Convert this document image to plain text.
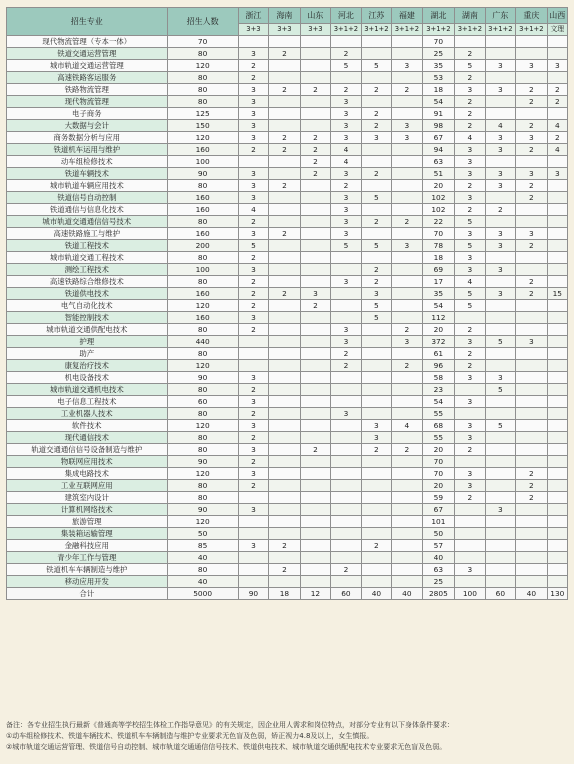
招生专业	招生人数	浙江	海南	山东	河北	江苏	福建	湖北	湖南	广东	重庆	山西
		3+3	3+3	3+3	3+1+2	3+1+2	3+1+2	3+1+2	3+1+2	3+1+2	3+1+2	文理
现代物流管理（专本一体）	70							70				
铁道交通运营管理	80	3	2		2			25	2			
城市轨道交通运营管理	120	2			5	5	3	35	5	3	3	3
高速铁路客运服务	80	2						53	2			
铁路物流管理	80	3	2	2	2	2	2	18	3	3	2	2
现代物流管理	80	3			3			54	2		2	2
电子商务	125	3			3	2		91	2			
大数据与会计	150	3			3	2	3	98	2	4	2	4
商务数据分析与应用	120	3	2	2	3	3	3	67	4	3	3	2
铁道机车运用与维护	160	2	2	2	4			94	3	3	2	4
动车组检修技术	100			2	4			63	3			
铁道车辆技术	90	3		2	3	2		51	3	3	3	3
城市轨道车辆应用技术	80	3	2		2			20	2	3	2	
铁道信号自动控制	160	3			3	5		102	3		2	
铁道通信与信息化技术	160	4			3			102	2	2		
城市轨道交通通信信号技术	80	2			3	2	2	22	5			
高速铁路施工与维护	160	3	2		3			70	3	3	3	
铁道工程技术	200	5			5	5	3	78	5	3	2	
城市轨道交通工程技术	80	2						18	3			
测绘工程技术	100	3				2		69	3	3		
高速铁路综合维修技术	80	2			3	2		17	4		2	
铁道供电技术	160	2	2	3		3		35	5	3	2	15
电气自动化技术	120	2		2		5		54	5			
智能控制技术	160	3				5		112				
城市轨道交通供配电技术	80	2			3		2	20	2			
护理	440				3		3	372	3	5	3	
助产	80				2			61	2			
康复治疗技术	120				2		2	96	2			
机电设备技术	90	3						58	3	3		
城市轨道交通机电技术	80	2						23		5		
电子信息工程技术	60	3						54	3			
工业机器人技术	80	2			3			55				
软件技术	120	3				3	4	68	3	5		
现代通信技术	80	2				3		55	3			
轨道交通通信信号设备制造与维护	80	3		2		2	2	20	2			
物联网应用技术	90	2						70				
集成电路技术	120	3						70	3		2	
工业互联网应用	80	2						20	3		2	
建筑室内设计	80							59	2		2	
计算机网络技术	90	3						67		3		
旅游管理	120							101				
集装箱运输管理	50							50				
金融科技应用	85	3	2			2		57				
青少年工作与管理	40							40				
铁道机车车辆制造与维护	80		2		2			63	3			
移动应用开发	40							25				
合计	5000	90	18	12	60	40	40	2805	100	60	40	130
备注：各专业招生执行最新《普通高等学校招生体检工作指导意见》的有关规定，因企业用人需求和岗位特点，对部分专业有以下身体条件要求：
①动车组检修技术、铁道车辆技术、铁道机车车辆制造与维护专业要求无色盲及色弱，矫正视力4.8及以上，女生慎报。
②城市轨道交通运营管理、铁道信号自动控制、城市轨道交通通信信号技术、铁道供电技术、城市轨道交通供配电技术专业要求无色盲及色弱。
